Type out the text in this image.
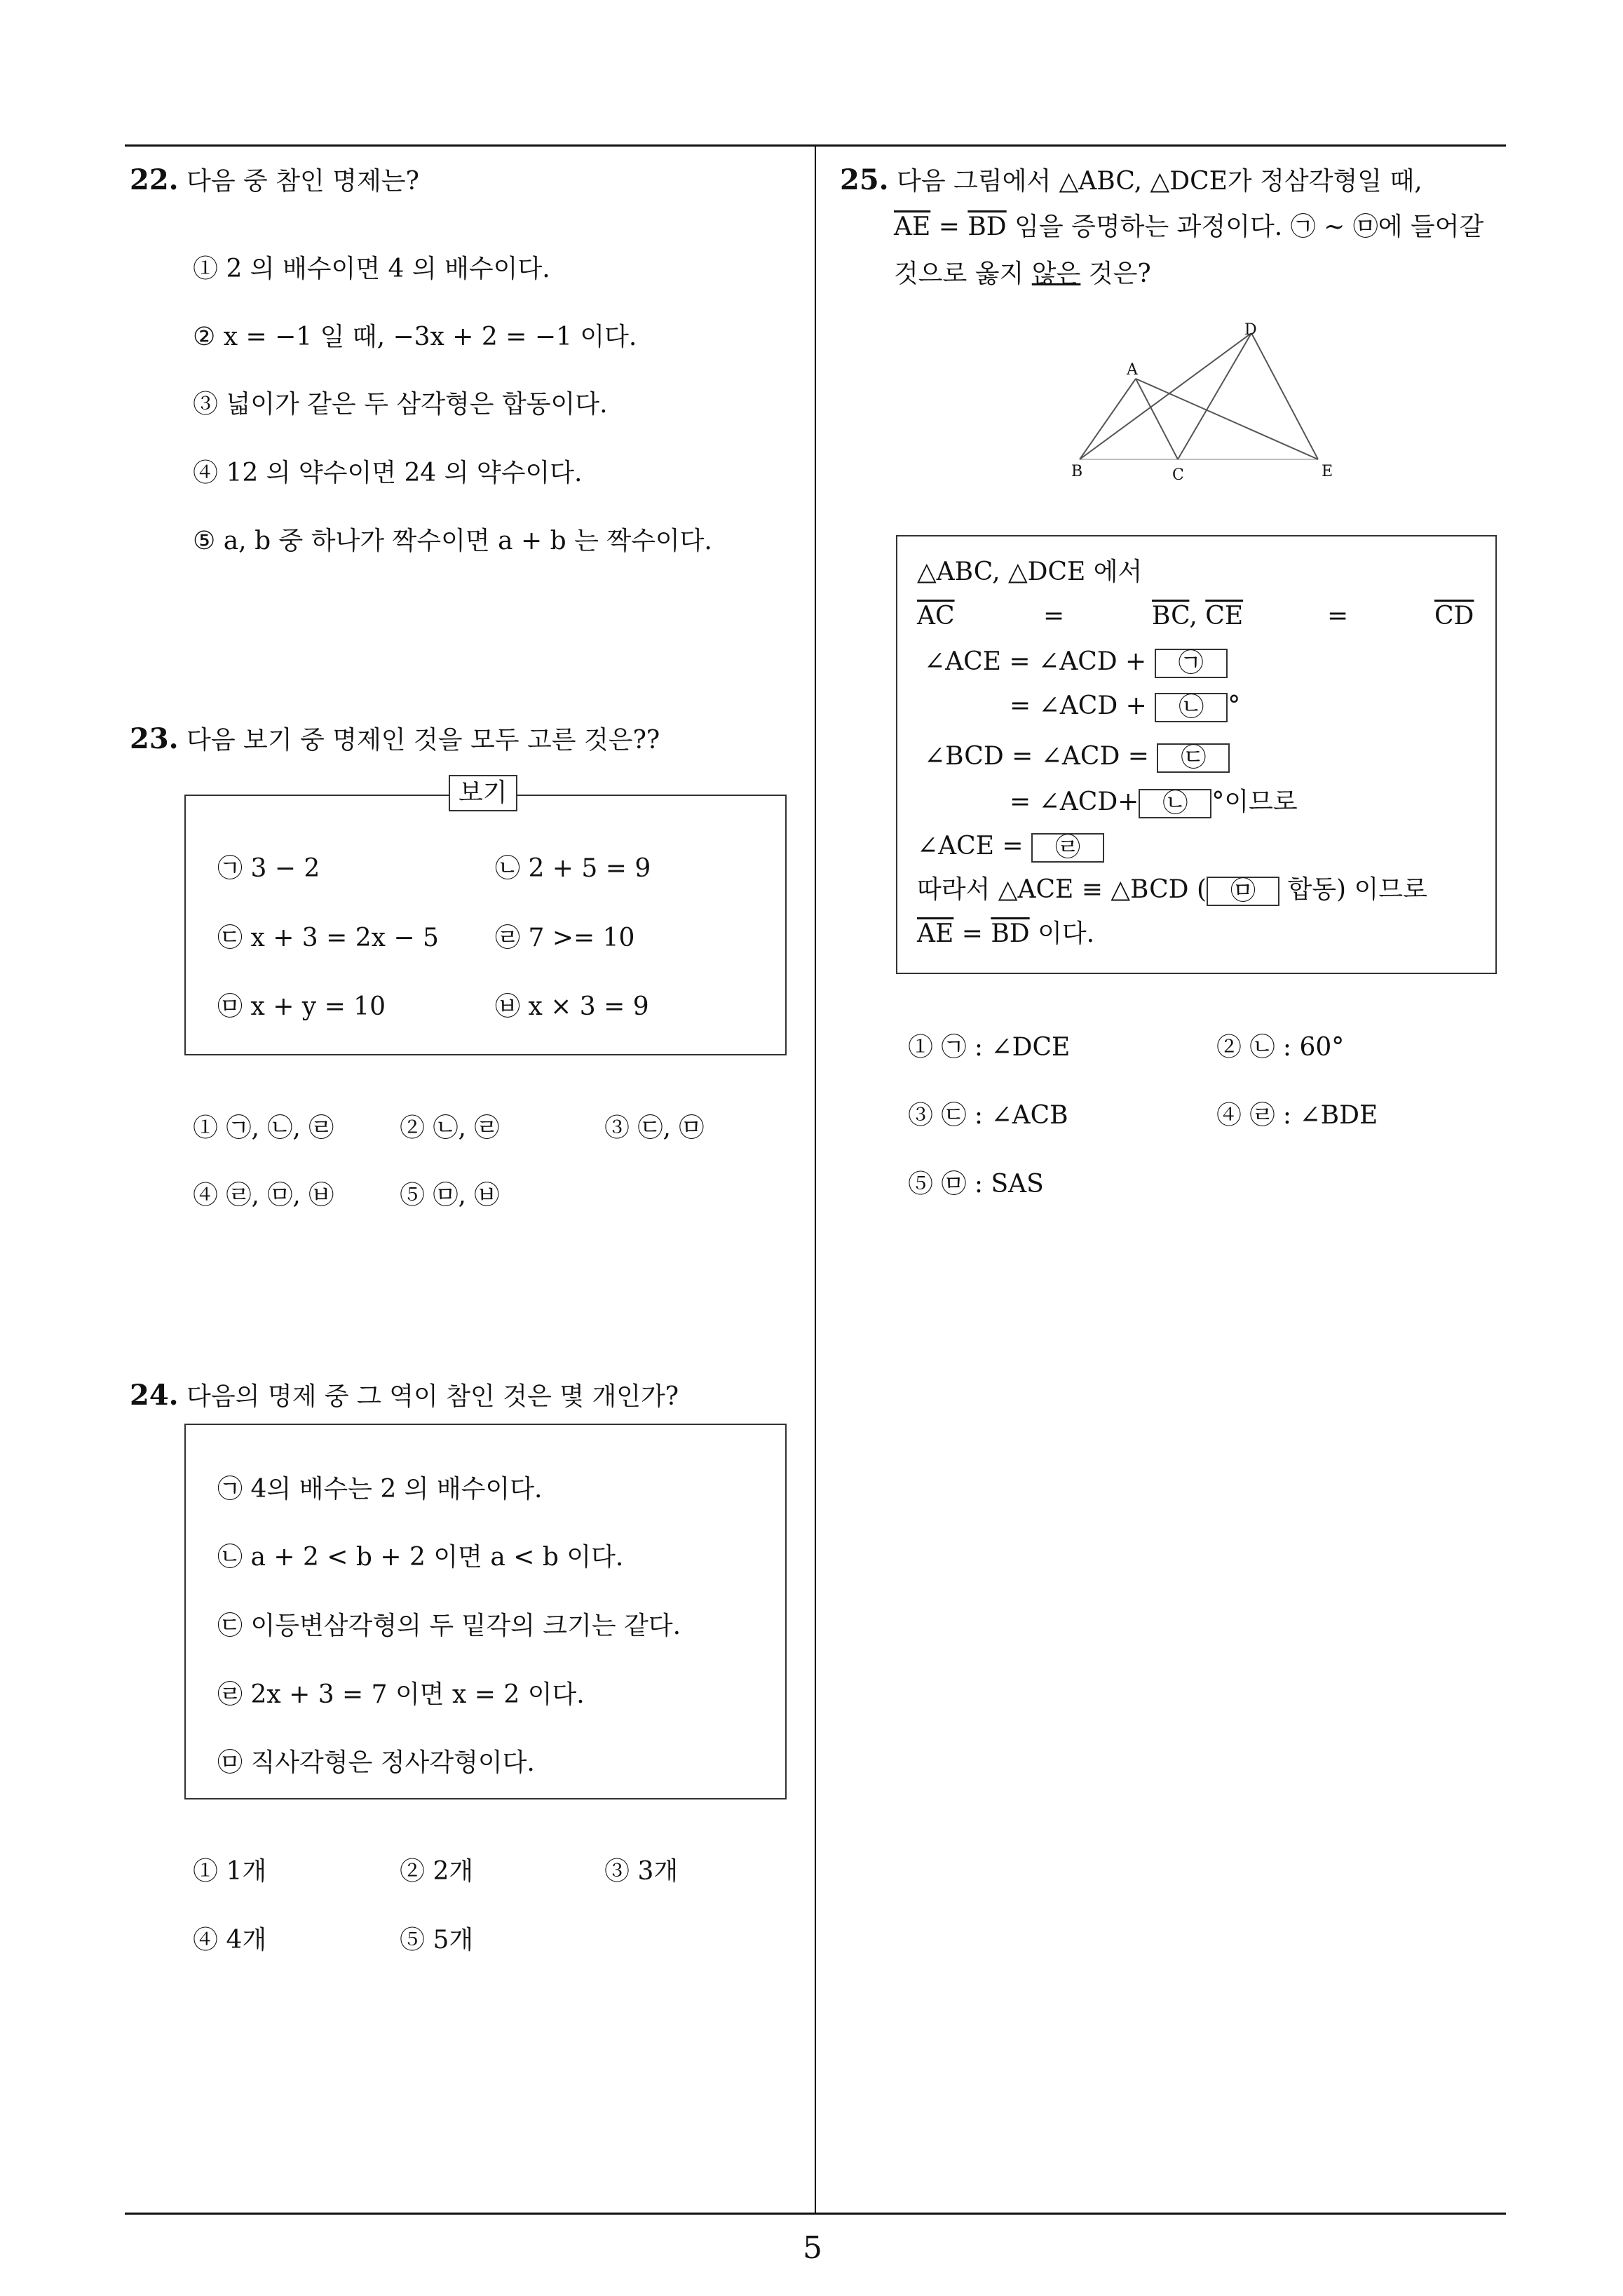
5
22. 다음 중 참인 명제는?
① 2 의 배수이면 4 의 배수이다.
② x = −1 일 때, −3x + 2 = −1 이다.
③ 넓이가 같은 두 삼각형은 합동이다.
④ 12 의 약수이면 24 의 약수이다.
⑤ a, b 중 하나가 짝수이면 a + b 는 짝수이다.
23. 다음 보기 중 명제인 것을 모두 고른 것은??
보기
㉠ 3 − 2	㉡ 2 + 5 = 9
㉢ x + 3 = 2x − 5 ㉣ 7 >= 10
㉤ x + y = 10	㉥ x × 3 = 9
① ㉠, ㉡, ㉣	② ㉡, ㉣	③ ㉢, ㉤
④ ㉣, ㉤, ㉥	⑤ ㉤, ㉥
24. 다음의 명제 중 그 역이 참인 것은 몇 개인가?
㉠ 4의 배수는 2 의 배수이다.
㉡ a + 2 < b + 2 이면 a < b 이다.
㉢ 이등변삼각형의 두 밑각의 크기는 같다.
㉣ 2x + 3 = 7 이면 x = 2 이다.
㉤ 직사각형은 정사각형이다.
① 1개	② 2개	③ 3개
④ 4개	⑤ 5개
25. 다음 그림에서 △ABC, △DCE가 정삼각형일 때,
$\overline{AE} = \overline{BD}$ 임을 증명하는 과정이다. ㉠ ~ ㉤에 들어갈
것으로 옳지 않은 것은?
A
B	C
D
E
△ABC, △DCE 에서
$\overline{AC}$	=	$\overline{BC}$, $\overline{CE}$	=	$\overline{CD}$
∠ACE = ∠ACD + ㉠
= ∠ACD + ㉡ °
∠BCD = ∠ACD = ㉢
= ∠ACD+ ㉡ °이므로
∠ACE = ㉣
따라서 △ACE ≡ △BCD ( ㉤ 합동) 이므로
$\overline{AE} = \overline{BD}$ 이다.
① ㉠ : ∠DCE	② ㉡ : 60°
③ ㉢ : ∠ACB	④ ㉣ : ∠BDE
⑤ ㉤ : SAS
